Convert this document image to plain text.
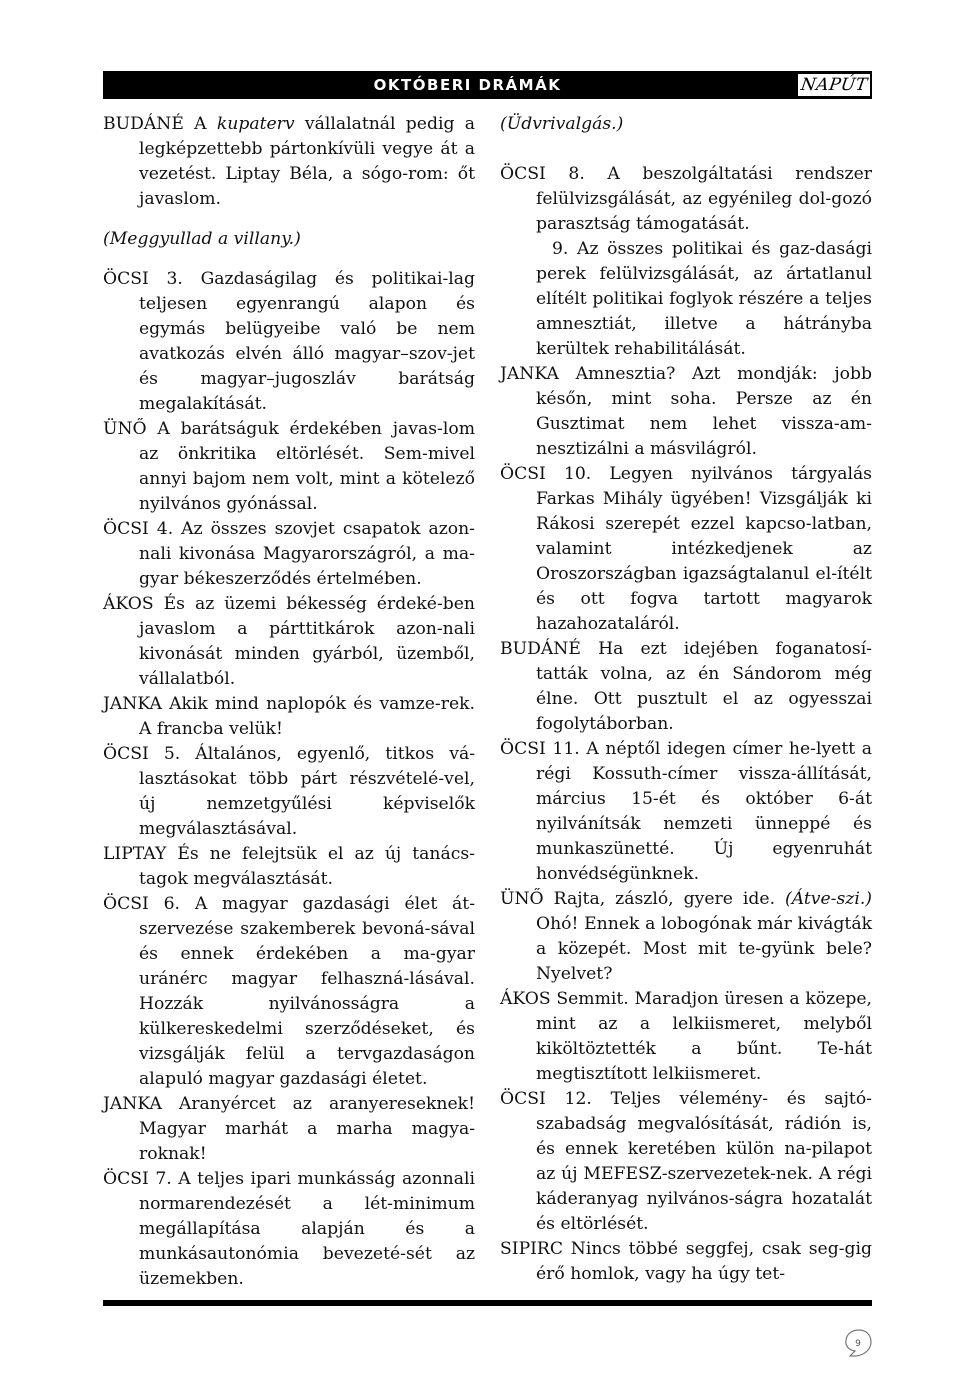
OKTÓBERI DRÁMÁK	NAPÚT

BUDÁNÉ A kupaterv vállalatnál pedig a legképzettebb pártonkívüli vegye át a vezetést. Liptay Béla, a sógo-rom: őt javaslom.

(Meggyullad a villany.)

ÖCSI 3. Gazdaságilag és politikai-lag teljesen egyenrangú alapon és egymás belügyeibe való be nem avatkozás elvén álló magyar–szov-jet és magyar–jugoszláv barátság megalakítását.

ÜNŐ A barátságuk érdekében javas-lom az önkritika eltörlését. Sem-mivel annyi bajom nem volt, mint a kötelező nyilvános gyónással.

ÖCSI 4. Az összes szovjet csapatok azon-nali kivonása Magyarországról, a ma-gyar békeszerződés értelmében.

ÁKOS És az üzemi békesség érdeké-ben javaslom a párttitkárok azon-nali kivonását minden gyárból, üzemből, vállalatból.

JANKA Akik mind naplopók és vamze-rek. A francba velük!

ÖCSI 5. Általános, egyenlő, titkos vá-lasztásokat több párt részvételé-vel, új nemzetgyűlési képviselők megválasztásával.

LIPTAY És ne felejtsük el az új tanács-tagok megválasztását.

ÖCSI 6. A magyar gazdasági élet át-szervezése szakemberek bevoná-sával és ennek érdekében a ma-gyar uránérc magyar felhaszná-lásával. Hozzák nyilvánosságra a külkereskedelmi szerződéseket, és vizsgálják felül a tervgazdaságon alapuló magyar gazdasági életet.

JANKA Aranyércet az aranyereseknek! Magyar marhát a marha magya-roknak!

ÖCSI 7. A teljes ipari munkásság azonnali normarendezését a lét-minimum megállapítása alapján és a munkásautonómia bevezeté-sét az üzemekben.

(Üdvrivalgás.)

ÖCSI 8. A beszolgáltatási rendszer felülvizsgálását, az egyénileg dol-gozó parasztság támogatását.

9. Az összes politikai és gaz-dasági perek felülvizsgálását, az ártatlanul elítélt politikai foglyok részére a teljes amnesztiát, illetve a hátrányba kerültek rehabilitálását.

JANKA Amnesztia? Azt mondják: jobb későn, mint soha. Persze az én Gusztimat nem lehet vissza-am-nesztizálni a másvilágról.

ÖCSI 10. Legyen nyilvános tárgyalás Farkas Mihály ügyében! Vizsgálják ki Rákosi szerepét ezzel kapcso-latban, valamint intézkedjenek az Oroszországban igazságtalanul el-ítélt és ott fogva tartott magyarok hazahozataláról.

BUDÁNÉ Ha ezt idejében foganatosí-tatták volna, az én Sándorom még élne. Ott pusztult el az ogyesszai fogolytáborban.

ÖCSI 11. A néptől idegen címer he-lyett a régi Kossuth-címer vissza-állítását, március 15-ét és október 6-át nyilvánítsák nemzeti ünneppé és munkaszünetté. Új egyenruhát honvédségünknek.

ÜNŐ Rajta, zászló, gyere ide. (Átve-szi.) Ohó! Ennek a lobogónak már kivágták a közepét. Most mit te-gyünk bele? Nyelvet?

ÁKOS Semmit. Maradjon üresen a közepe, mint az a lelkiismeret, melyből kiköltöztették a bűnt. Te-hát megtisztított lelkiismeret.

ÖCSI 12. Teljes vélemény- és sajtó-szabadság megvalósítását, rádión is, és ennek keretében külön na-pilapot az új MEFESZ-szervezetek-nek. A régi káderanyag nyilvános-ságra hozatalát és eltörlését.

SIPIRC Nincs többé seggfej, csak seg-gig érő homlok, vagy ha úgy tet-

9
